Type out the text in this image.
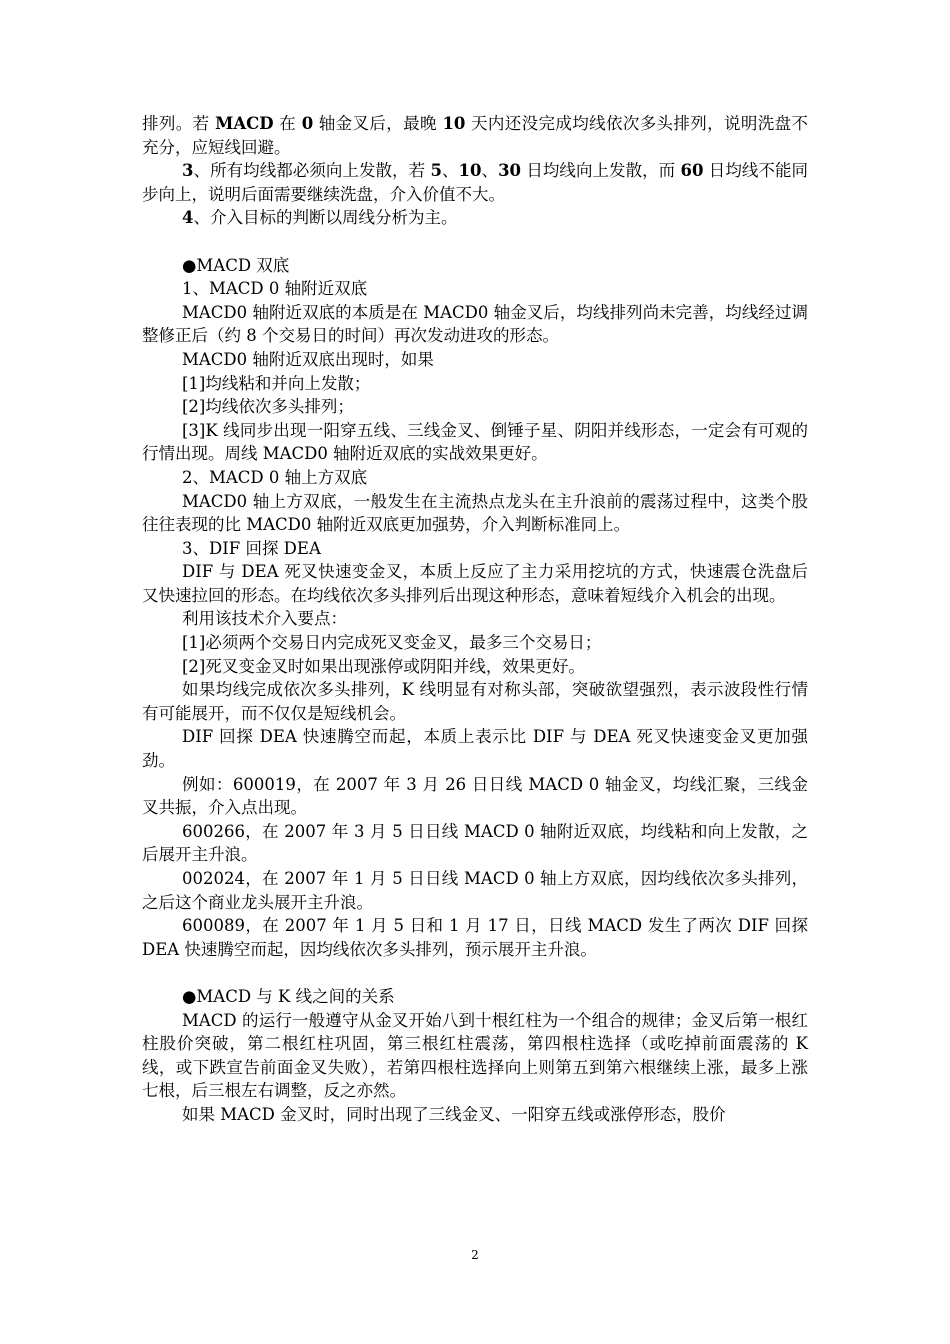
排列。若 MACD 在 0 轴金叉后，最晚 10 天内还没完成均线依次多头排列，说明洗盘不充分，应短线回避。

3、所有均线都必须向上发散，若 5、10、30 日均线向上发散，而 60 日均线不能同步向上，说明后面需要继续洗盘，介入价值不大。

4、介入目标的判断以周线分析为主。

●MACD 双底

1、MACD 0 轴附近双底

MACD0 轴附近双底的本质是在 MACD0 轴金叉后，均线排列尚未完善，均线经过调整修正后（约 8 个交易日的时间）再次发动进攻的形态。

MACD0 轴附近双底出现时，如果

[1]均线粘和并向上发散；

[2]均线依次多头排列；

[3]K 线同步出现一阳穿五线、三线金叉、倒锤子星、阴阳并线形态，一定会有可观的行情出现。周线 MACD0 轴附近双底的实战效果更好。

2、MACD 0 轴上方双底

MACD0 轴上方双底，一般发生在主流热点龙头在主升浪前的震荡过程中，这类个股往往表现的比 MACD0 轴附近双底更加强势，介入判断标准同上。

3、DIF 回探 DEA

DIF 与 DEA 死叉快速变金叉，本质上反应了主力采用挖坑的方式，快速震仓洗盘后又快速拉回的形态。在均线依次多头排列后出现这种形态，意味着短线介入机会的出现。

利用该技术介入要点：

[1]必须两个交易日内完成死叉变金叉，最多三个交易日；

[2]死叉变金叉时如果出现涨停或阴阳并线，效果更好。

如果均线完成依次多头排列，K 线明显有对称头部，突破欲望强烈，表示波段性行情有可能展开，而不仅仅是短线机会。

DIF 回探 DEA 快速腾空而起，本质上表示比 DIF 与 DEA 死叉快速变金叉更加强劲。

例如：600019，在 2007 年 3 月 26 日日线 MACD 0 轴金叉，均线汇聚，三线金叉共振，介入点出现。

600266，在 2007 年 3 月 5 日日线 MACD 0 轴附近双底，均线粘和向上发散，之后展开主升浪。

002024，在 2007 年 1 月 5 日日线 MACD 0 轴上方双底，因均线依次多头排列，之后这个商业龙头展开主升浪。

600089，在 2007 年 1 月 5 日和 1 月 17 日，日线 MACD 发生了两次 DIF 回探 DEA 快速腾空而起，因均线依次多头排列，预示展开主升浪。

●MACD 与 K 线之间的关系

MACD 的运行一般遵守从金叉开始八到十根红柱为一个组合的规律；金叉后第一根红柱股价突破，第二根红柱巩固，第三根红柱震荡，第四根柱选择（或吃掉前面震荡的 K 线，或下跌宣告前面金叉失败），若第四根柱选择向上则第五到第六根继续上涨，最多上涨七根，后三根左右调整，反之亦然。

如果 MACD 金叉时，同时出现了三线金叉、一阳穿五线或涨停形态，股价

2
